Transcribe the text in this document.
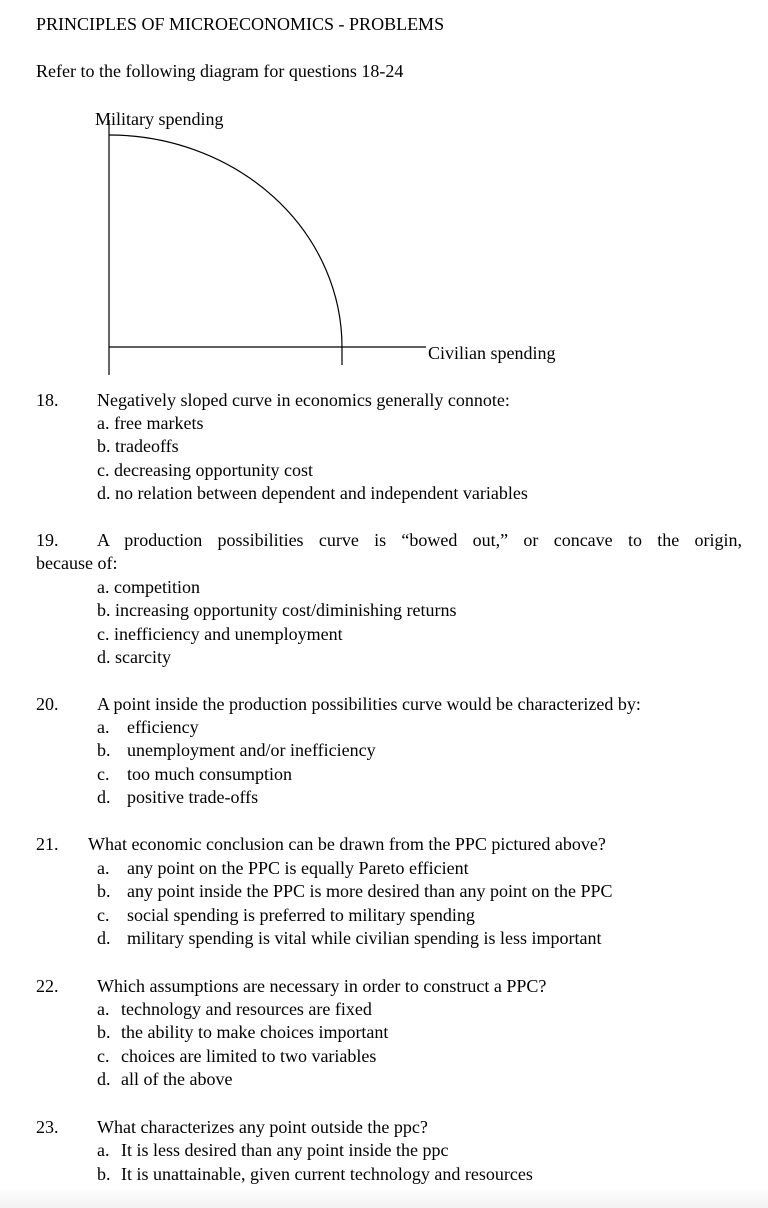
PRINCIPLES OF MICROECONOMICS - PROBLEMS
Refer to the following diagram for questions 18-24
Military spending
Civilian spending
18. Negatively sloped curve in economics generally connote:
a. free markets
b. tradeoffs
c. decreasing opportunity cost
d. no relation between dependent and independent variables
19. A production possibilities curve is “bowed out,” or concave to the origin,
because of:
a. competition
b. increasing opportunity cost/diminishing returns
c. inefficiency and unemployment
d. scarcity
20. A point inside the production possibilities curve would be characterized by:
a. efficiency
b. unemployment and/or inefficiency
c. too much consumption
d. positive trade-offs
21. What economic conclusion can be drawn from the PPC pictured above?
a. any point on the PPC is equally Pareto efficient
b. any point inside the PPC is more desired than any point on the PPC
c. social spending is preferred to military spending
d. military spending is vital while civilian spending is less important
22. Which assumptions are necessary in order to construct a PPC?
a. technology and resources are fixed
b. the ability to make choices important
c. choices are limited to two variables
d. all of the above
23. What characterizes any point outside the ppc?
a. It is less desired than any point inside the ppc
b. It is unattainable, given current technology and resources
